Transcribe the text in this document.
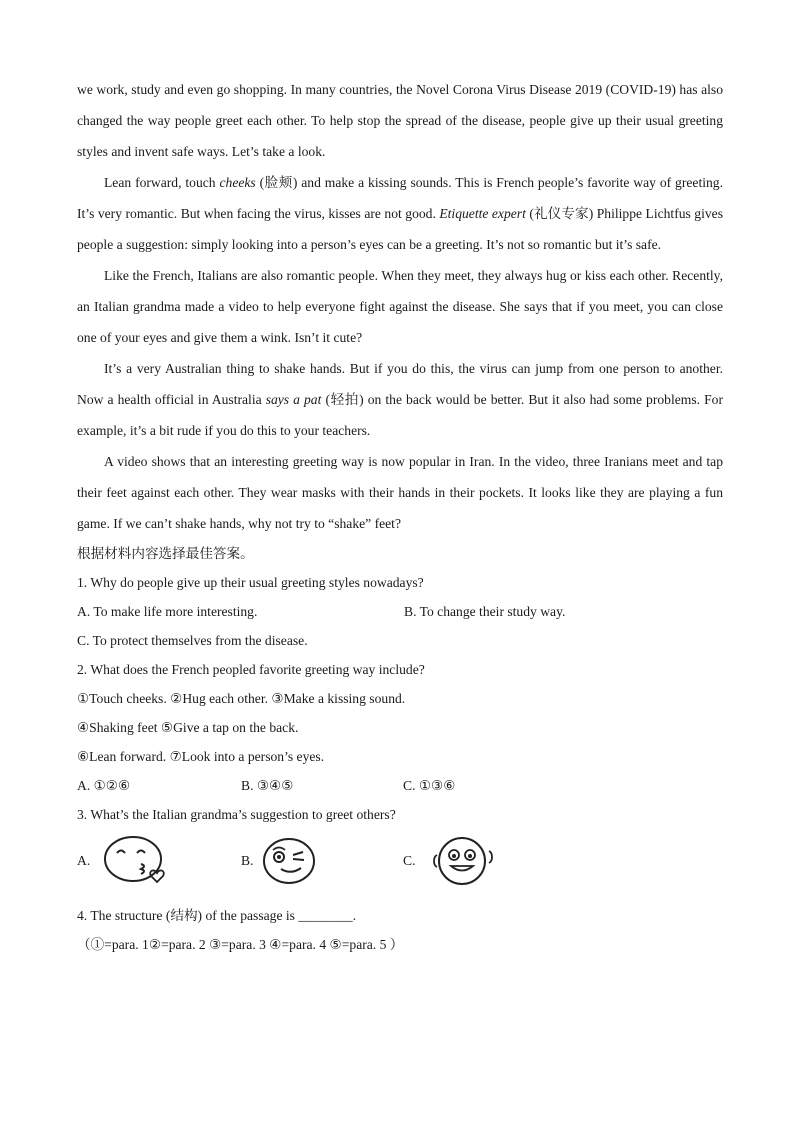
we work, study and even go shopping. In many countries, the Novel Corona Virus Disease 2019 (COVID-19) has also changed the way people greet each other. To help stop the spread of the disease, people give up their usual greeting styles and invent safe ways. Let’s take a look.

Lean forward, touch cheeks (脸颊) and make a kissing sounds. This is French people’s favorite way of greeting. It’s very romantic. But when facing the virus, kisses are not good. Etiquette expert (礼仪专家) Philippe Lichtfus gives people a suggestion: simply looking into a person’s eyes can be a greeting. It’s not so romantic but it’s safe.

Like the French, Italians are also romantic people. When they meet, they always hug or kiss each other. Recently, an Italian grandma made a video to help everyone fight against the disease. She says that if you meet, you can close one of your eyes and give them a wink. Isn’t it cute?

It’s a very Australian thing to shake hands. But if you do this, the virus can jump from one person to another. Now a health official in Australia says a pat (轻拍) on the back would be better. But it also had some problems. For example, it’s a bit rude if you do this to your teachers.

A video shows that an interesting greeting way is now popular in Iran. In the video, three Iranians meet and tap their feet against each other. They wear masks with their hands in their pockets. It looks like they are playing a fun game. If we can’t shake hands, why not try to “shake” feet?

根据材料内容选择最佳答案。

1. Why do people give up their usual greeting styles nowadays?

A. To make life more interesting.	B. To change their study way.

C. To protect themselves from the disease.

2. What does the French peopled favorite greeting way include?

①Touch cheeks. ②Hug each other. ③Make a kissing sound.

④Shaking feet ⑤Give a tap on the back.

⑥Lean forward. ⑦Look into a person’s eyes.

A. ①②⑥	B. ③④⑤	C. ①③⑥

3. What’s the Italian grandma’s suggestion to greet others?

A.	B.	C.

4. The structure (结构) of the passage is ________.

（①=para. 1②=para. 2 ③=para. 3 ④=para. 4 ⑤=para. 5 ）
